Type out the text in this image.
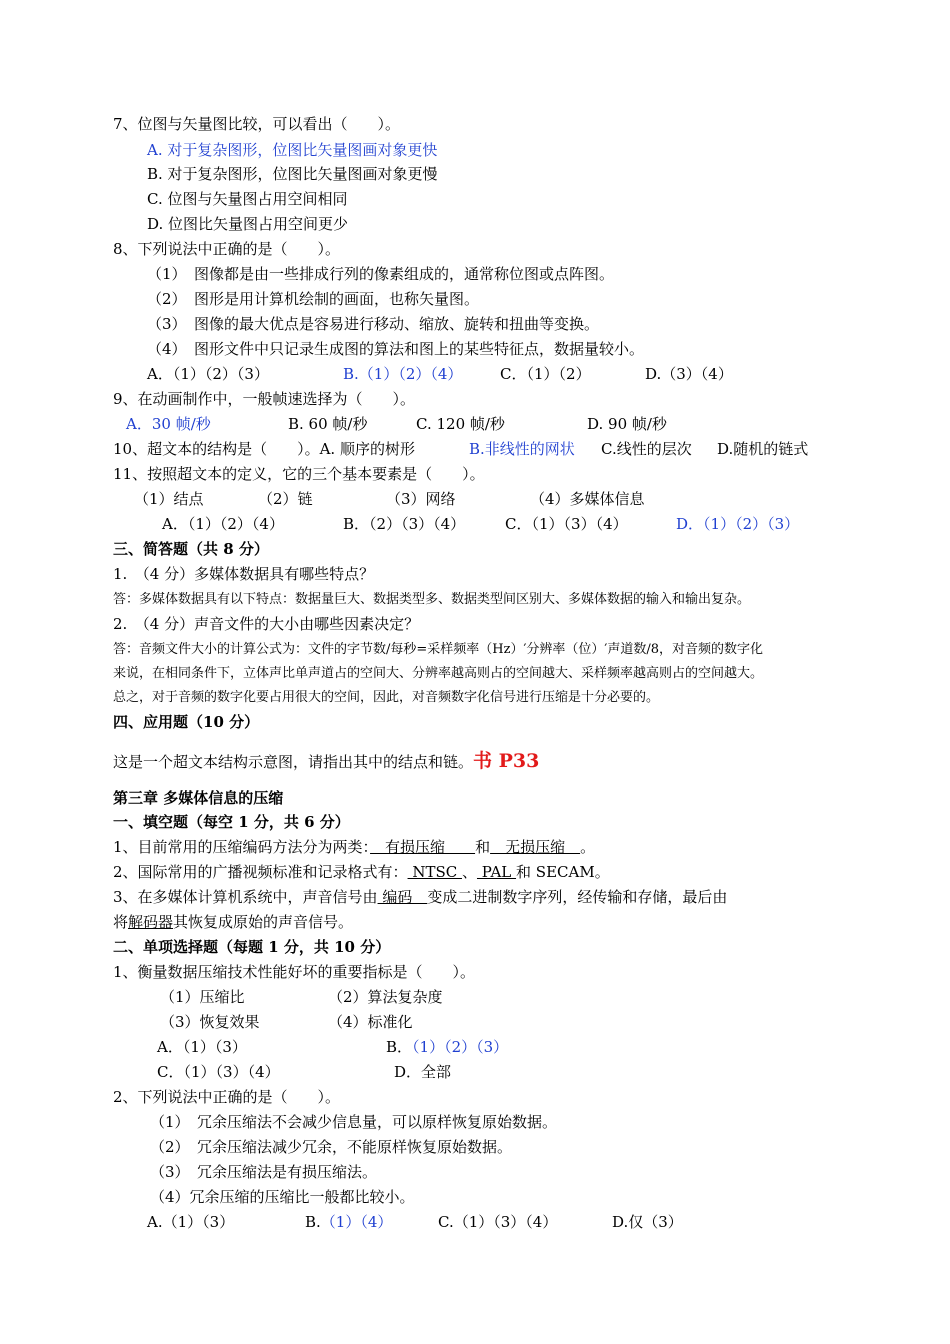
7、位图与矢量图比较，可以看出（　　）。
A. 对于复杂图形，位图比矢量图画对象更快
B. 对于复杂图形，位图比矢量图画对象更慢
C. 位图与矢量图占用空间相同
D. 位图比矢量图占用空间更少
8、下列说法中正确的是（　　）。
（1）　图像都是由一些排成行列的像素组成的，通常称位图或点阵图。
（2）　图形是用计算机绘制的画面，也称矢量图。
（3）　图像的最大优点是容易进行移动、缩放、旋转和扭曲等变换。
（4）　图形文件中只记录生成图的算法和图上的某些特征点，数据量较小。
A．（1）（2）（3）	B.（1）（2）（4）	C．（1）（2）	D.（3）（4）
9、在动画制作中，一般帧速选择为（　　）。
A．30 帧/秒	B. 60 帧/秒	C. 120 帧/秒	D. 90 帧/秒
10、超文本的结构是（　　）。A. 顺序的树形	B.非线性的网状 C.线性的层次 D.随机的链式
11、按照超文本的定义，它的三个基本要素是（　　）。
（1）结点	（2）链	（3）网络	（4）多媒体信息
A．（1）（2）（4）	B．（2）（3）（4）	C．（1）（3）（4）	D．（1）（2）（3）
三、简答题（共 8 分）
1.　（4 分）多媒体数据具有哪些特点？
答：多媒体数据具有以下特点：数据量巨大、数据类型多、数据类型间区别大、多媒体数据的输入和输出复杂。
2.　（4 分）声音文件的大小由哪些因素决定？
答：音频文件大小的计算公式为：文件的字节数/每秒=采样频率（Hz）′分辨率（位）′声道数/8，对音频的数字化
来说，在相同条件下，立体声比单声道占的空间大、分辨率越高则占的空间越大、采样频率越高则占的空间越大。
总之，对于音频的数字化要占用很大的空间，因此，对音频数字化信号进行压缩是十分必要的。
四、应用题（10 分）
这是一个超文本结构示意图，请指出其中的结点和链。书 P33
第三章 多媒体信息的压缩
一、填空题（每空 1 分，共 6 分）
1、目前常用的压缩编码方法分为两类：　有损压缩　　和　无损压缩　。
2、国际常用的广播视频标准和记录格式有： NTSC 、 PAL 和 SECAM。
3、在多媒体计算机系统中，声音信号由 编码　变成二进制数字序列，经传输和存储，最后由
将解码器其恢复成原始的声音信号。
二、单项选择题（每题 1 分，共 10 分）
1、衡量数据压缩技术性能好坏的重要指标是（　　）。
（1）压缩比	（2）算法复杂度
（3）恢复效果	（4）标准化
A．（1）（3）	B．（1）（2）（3）
C．（1）（3）（4）	D．全部
2、下列说法中正确的是（　　）。
（1）　冗余压缩法不会减少信息量，可以原样恢复原始数据。
（2）　冗余压缩法减少冗余，不能原样恢复原始数据。
（3）　冗余压缩法是有损压缩法。
（4）冗余压缩的压缩比一般都比较小。
A.（1）（3）	B.（1）（4）	C.（1）（3）（4）	D.仅（3）
